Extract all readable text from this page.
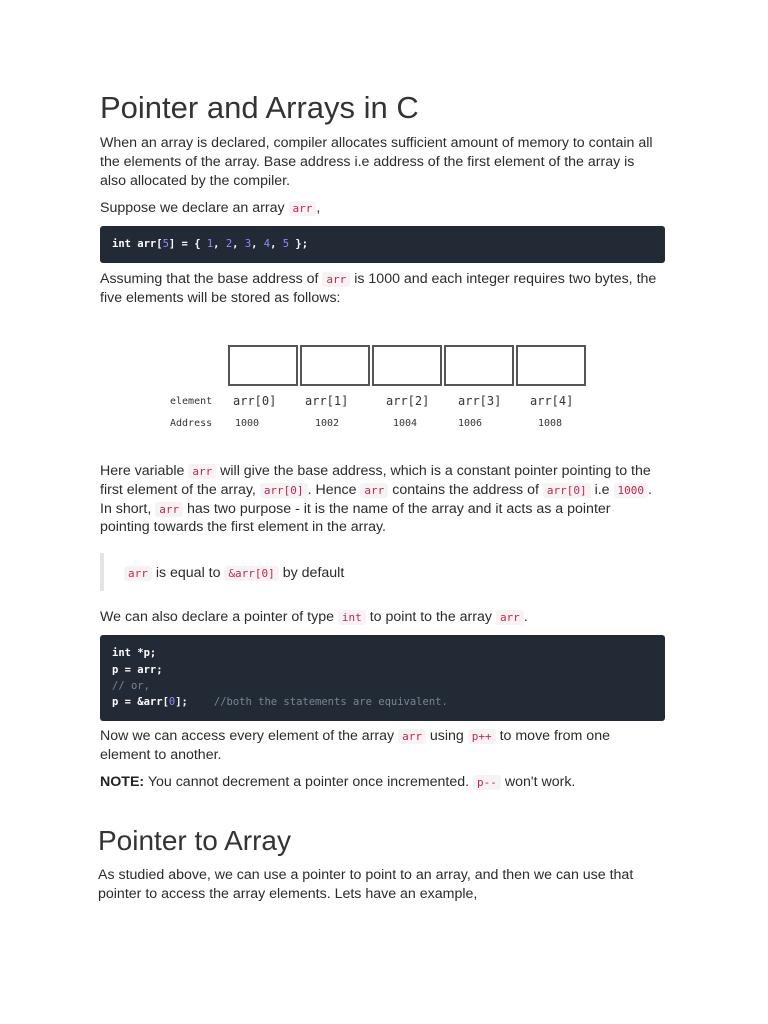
Pointer and Arrays in C

When an array is declared, compiler allocates sufficient amount of memory to contain all

the elements of the array. Base address i.e address of the first element of the array is

also allocated by the compiler.

Suppose we declare an array arr ,

int arr[5] = { 1, 2, 3, 4, 5 };

Assuming that the base address of arr is 1000 and each integer requires two bytes, the

five elements will be stored as follows:

element arr[0] arr[1]	arr[2] arr[3] arr[4]
Address 1000	1002	1004	1006	1008

Here variable arr will give the base address, which is a constant pointer pointing to the

first element of the array, arr[0] . Hence arr contains the address of arr[0] i.e 1000 .

In short, arr has two purpose - it is the name of the array and it acts as a pointer

pointing towards the first element in the array.

arr is equal to &arr[0] by default

We can also declare a pointer of type int to point to the array arr .

int *p;
p = arr;
// or,
p = &arr[0]; //both the statements are equivalent.

Now we can access every element of the array arr using p++ to move from one

element to another.

NOTE: You cannot decrement a pointer once incremented. p-- won't work.

Pointer to Array

As studied above, we can use a pointer to point to an array, and then we can use that

pointer to access the array elements. Lets have an example,
